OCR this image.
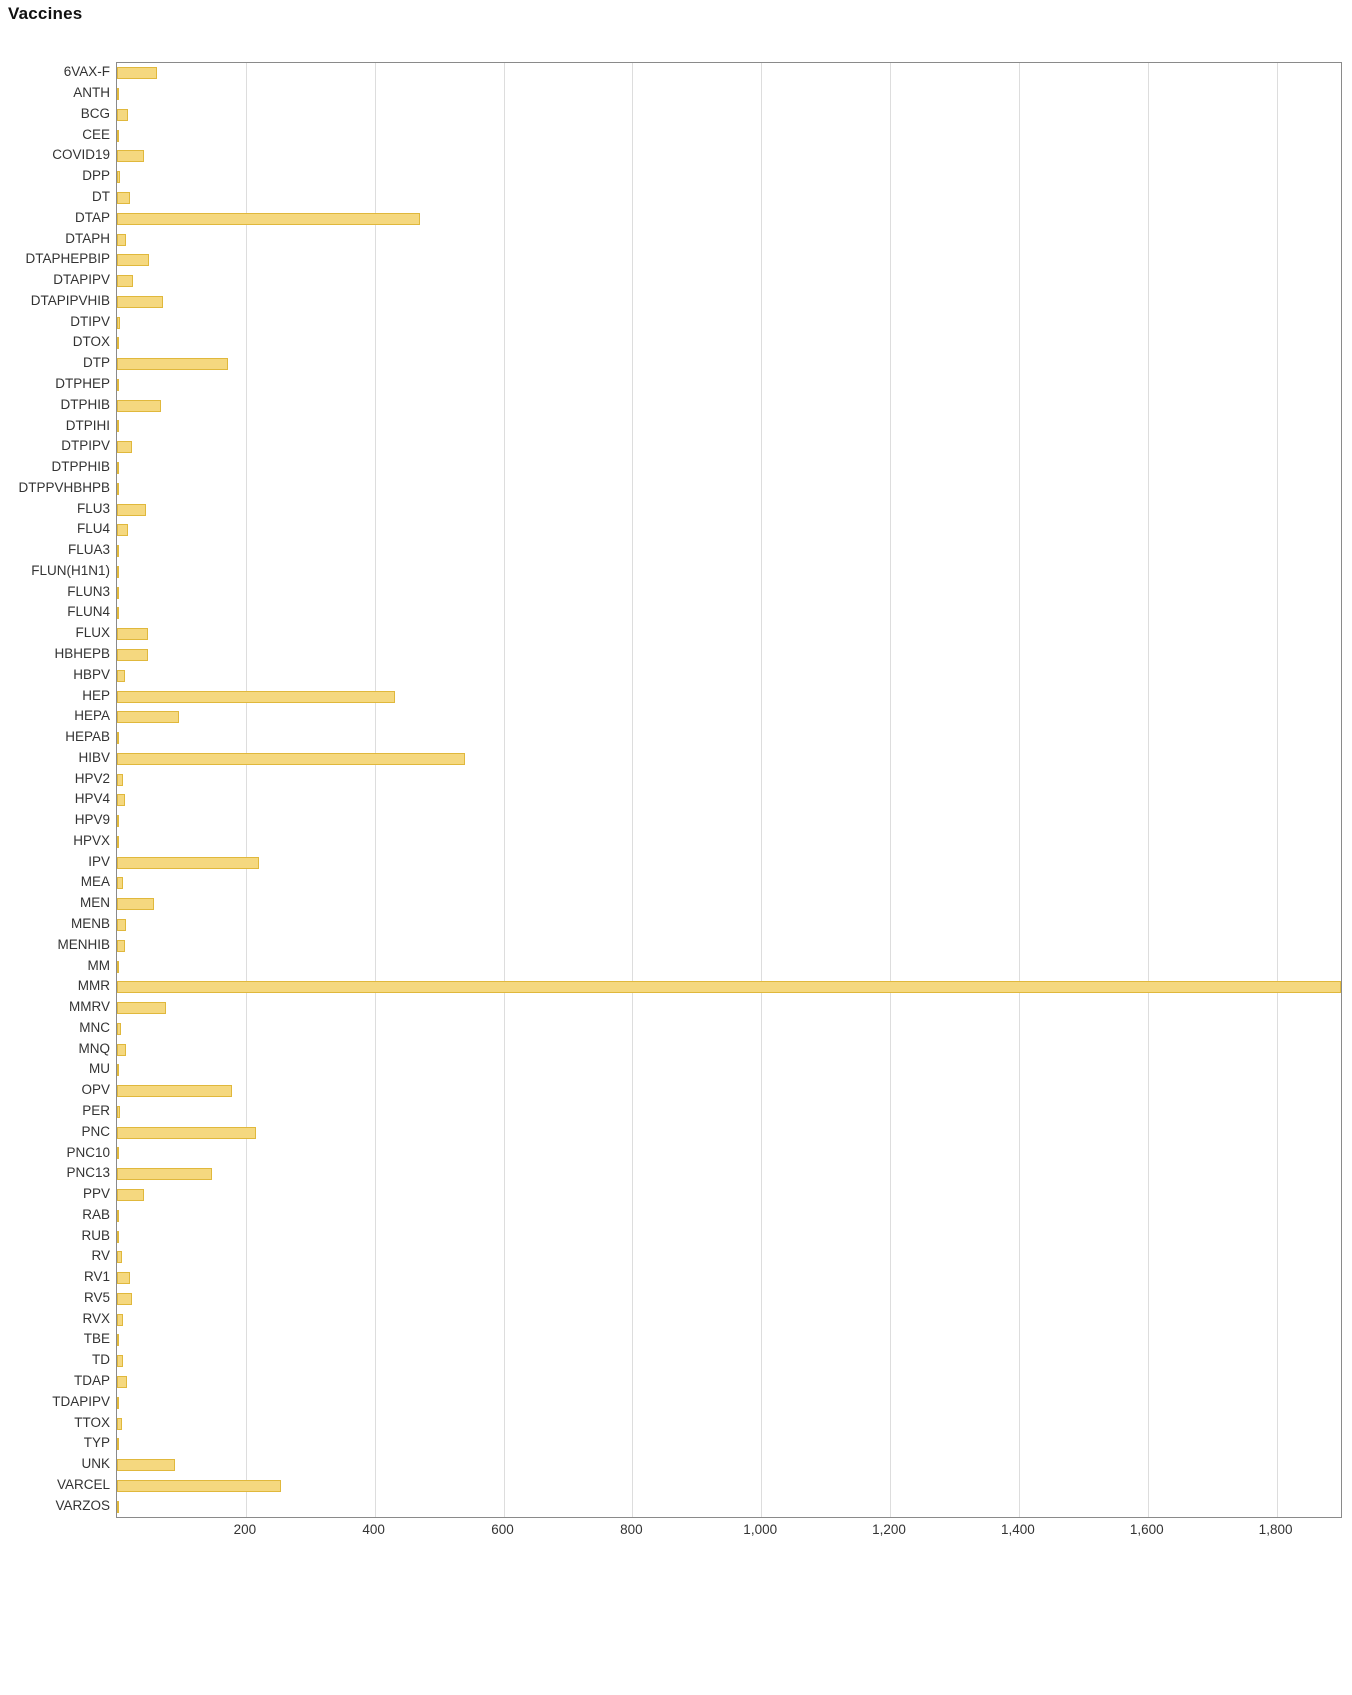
Vaccines
6VAX-F
ANTH
BCG
CEE
COVID19
DPP
DT
DTAP
DTAPH
DTAPHEPBIP
DTAPIPV
DTAPIPVHIB
DTIPV
DTOX
DTP
DTPHEP
DTPHIB
DTPIHI
DTPIPV
DTPPHIB
DTPPVHBHPB
FLU3
FLU4
FLUA3
FLUN(H1N1)
FLUN3
FLUN4
FLUX
HBHEPB
HBPV
HEP
HEPA
HEPAB
HIBV
HPV2
HPV4
HPV9
HPVX
IPV
MEA
MEN
MENB
MENHIB
MM
MMR
MMRV
MNC
MNQ
MU
OPV
PER
PNC
PNC10
PNC13
PPV
RAB
RUB
RV
RV1
RV5
RVX
TBE
TD
TDAP
TDAPIPV
TTOX
TYP
UNK
VARCEL
VARZOS
200	400	600	800	1,000	1,200	1,400	1,600	1,800
